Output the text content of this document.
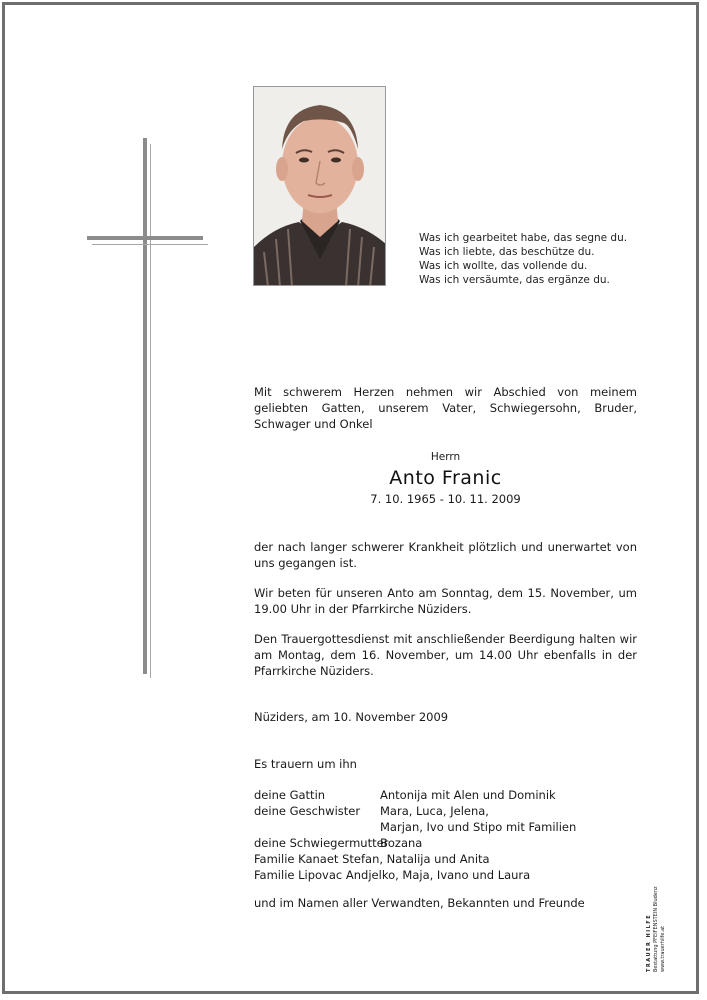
Was ich gearbeitet habe, das segne du.
Was ich liebte, das beschütze du.
Was ich wollte, das vollende du.
Was ich versäumte, das ergänze du.
Mit schwerem Herzen nehmen wir Abschied von meinem geliebten Gatten, unserem Vater, Schwiegersohn, Bruder, Schwager und Onkel
Herrn
Anto Franic
7. 10. 1965 - 10. 11. 2009
der nach langer schwerer Krankheit plötzlich und unerwartet von uns gegangen ist.
Wir beten für unseren Anto am Sonntag, dem 15. November, um 19.00 Uhr in der Pfarrkirche Nüziders.
Den Trauergottesdienst mit anschließender Beerdigung halten wir am Montag, dem 16. November, um 14.00 Uhr ebenfalls in der Pfarrkirche Nüziders.
Nüziders, am 10. November 2009
Es trauern um ihn
deine Gattin	Antonija mit Alen und Dominik
deine Geschwister	Mara, Luca, Jelena,
Marjan, Ivo und Stipo mit Familien
deine Schwiegermutter
Bozana
Familie Kanaet Stefan, Natalija und Anita
Familie Lipovac Andjelko, Maja, Ivano und Laura
und im Namen aller Verwandten, Bekannten und Freunde
TRAUER HILFE Bestattung PFEIFENSTEIN Bludenz www.trauerhilfe.at
